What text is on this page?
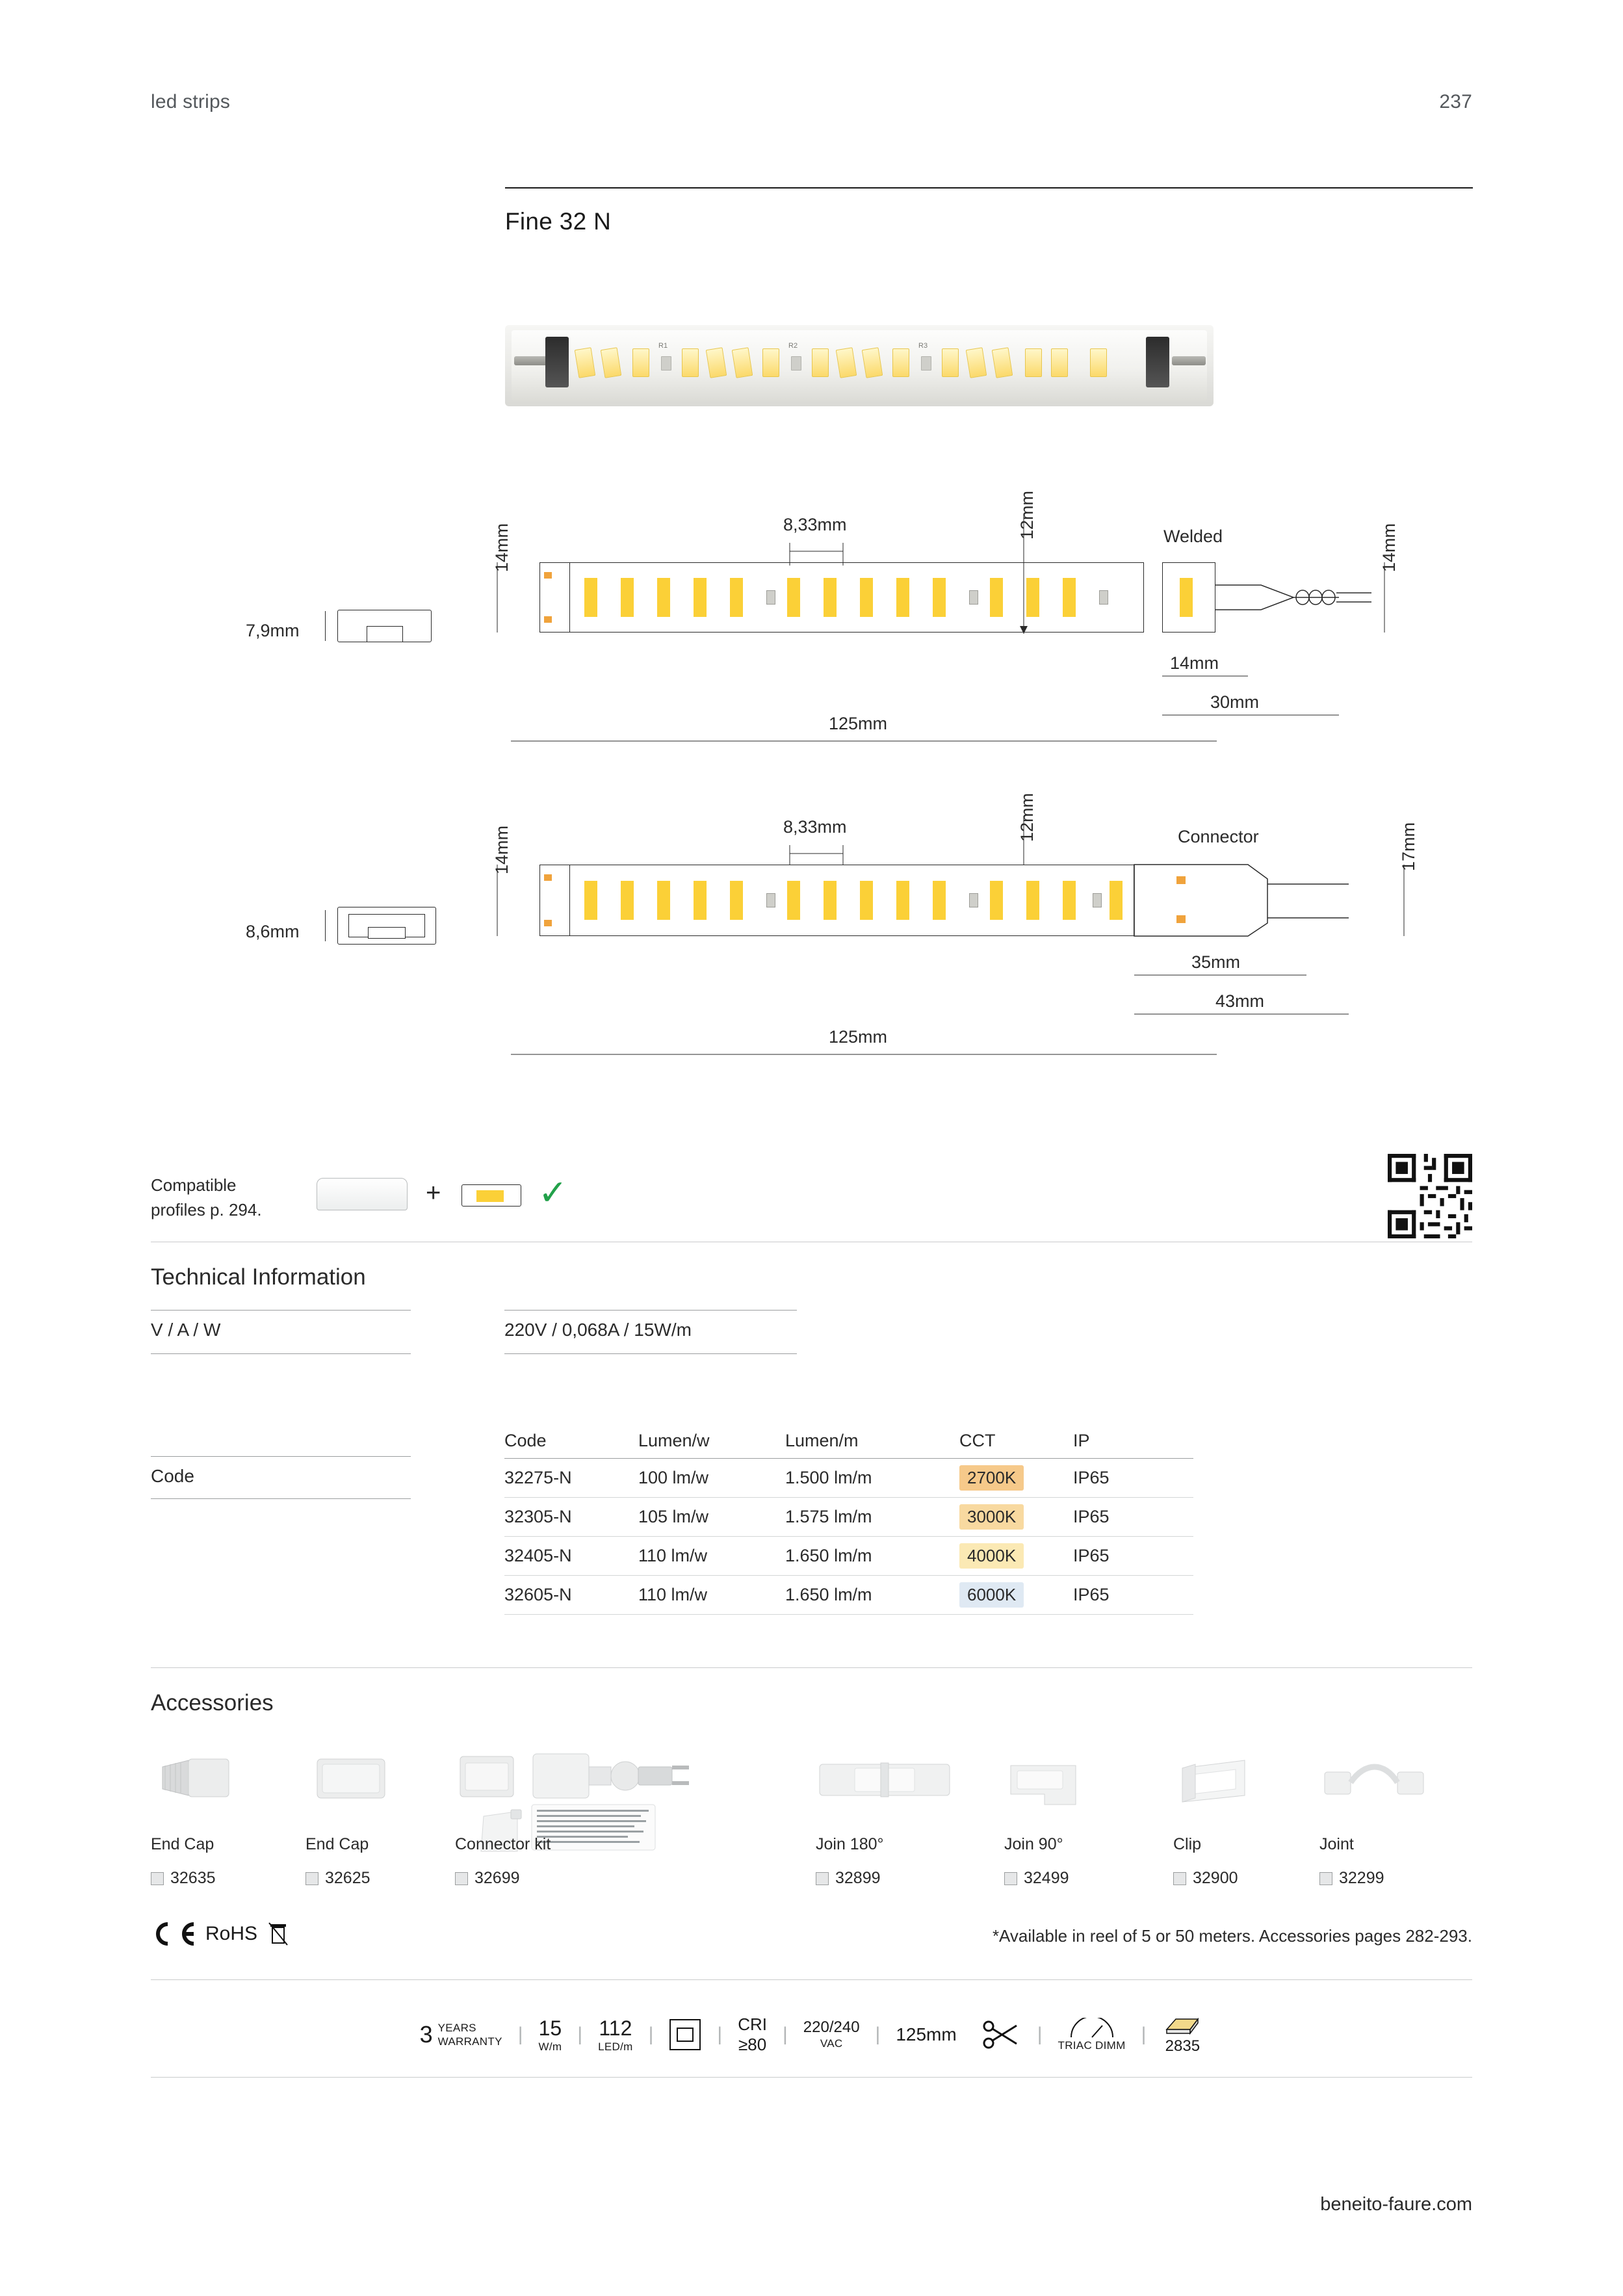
led strips	237
Fine 32 N
R1	R2	R3
8,33mm	12mm
14mm	14mm
Welded
14mm
30mm
125mm
7,9mm
8,33mm	12mm
14mm	17mm
Connector
35mm
43mm
125mm
8,6mm
Compatible
profiles p. 294.
+	✓
Technical Information
V / A / W	220V / 0,068A / 15W/m
Code
Code	Lumen/w	Lumen/m	CCT	IP
32275-N	100 lm/w	1.500 lm/m	2700K	IP65
32305-N	105 lm/w	1.575 lm/m	3000K	IP65
32405-N	110 lm/w	1.650 lm/m	4000K	IP65
32605-N	110 lm/w	1.650 lm/m	6000K	IP65
Accessories
End Cap
32635
End Cap
32625
Connector kit
32699
Join 180°
32899
Join 90°
32499
Clip
32900
Joint
32299
RoHS	*Available in reel of 5 or 50 meters. Accessories pages 282-293.
3 YEARS
WARRANTY | 15
W/m
| 112
LED/m
|	| CRI
≥80 | 220/240
VAC | 125mm	|
TRIAC DIMM
|
2835
beneito-faure.com
